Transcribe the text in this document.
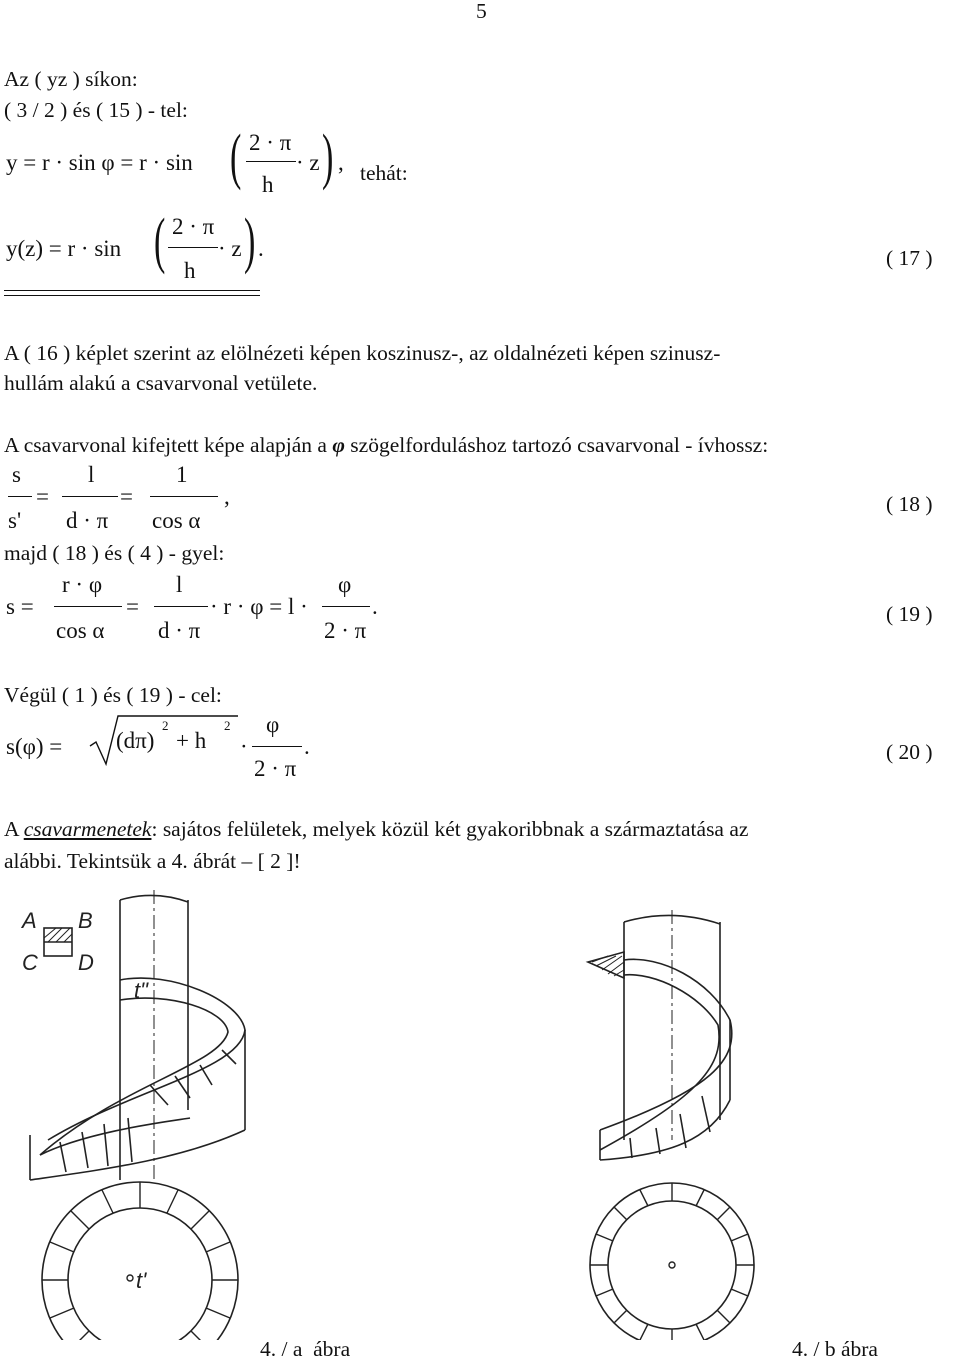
5
Az ( yz ) síkon:
( 3 / 2 ) és ( 15 ) - tel:
y = r · sin φ = r · sin ( 2 · π
h
· z ) , tehát:
y(z) = r · sin ( 2 · π
h
· z ) .	( 17 )
A ( 16 ) képlet szerint az elölnézeti képen koszinusz-, az oldalnézeti képen szinusz-
hullám alakú a csavarvonal vetülete.
A csavarvonal kifejtett képe alapján a φ szögelforduláshoz tartozó csavarvonal - ívhossz:
s
s'
=
l
d · π
=
1
cos α
,	( 18 )
majd ( 18 ) és ( 4 ) - gyel:
s =
r · φ
cos α
=
l
d · π
· r · φ = l ·
φ
2 · π
.	( 19 )
Végül ( 1 ) és ( 19 ) - cel:
s(φ) = (dπ)
2
+ h
2
·
φ
2 · π
.	( 20 )
A csavarmenetek: sajátos felületek, melyek közül két gyakoribbnak a származtatása az
alábbi. Tekintsük a 4. ábrát – [ 2 ]!
A B
C D
t"
t'
4. / a  ábra	4. / b ábra
